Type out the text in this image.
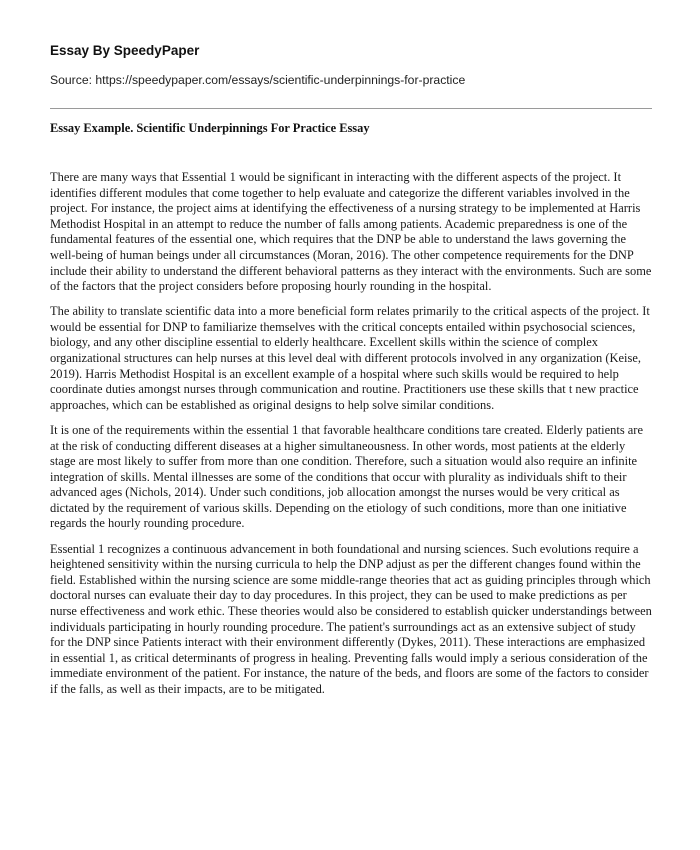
Essay By SpeedyPaper

Source: https://speedypaper.com/essays/scientific-underpinnings-for-practice

Essay Example. Scientific Underpinnings For Practice Essay

There are many ways that Essential 1 would be significant in interacting with the different aspects of the project. It identifies different modules that come together to help evaluate and categorize the different variables involved in the project. For instance, the project aims at identifying the effectiveness of a nursing strategy to be implemented at Harris Methodist Hospital in an attempt to reduce the number of falls among patients. Academic preparedness is one of the fundamental features of the essential one, which requires that the DNP be able to understand the laws governing the well-being of human beings under all circumstances (Moran, 2016). The other competence requirements for the DNP include their ability to understand the different behavioral patterns as they interact with the environments. Such are some of the factors that the project considers before proposing hourly rounding in the hospital.

The ability to translate scientific data into a more beneficial form relates primarily to the critical aspects of the project. It would be essential for DNP to familiarize themselves with the critical concepts entailed within psychosocial sciences, biology, and any other discipline essential to elderly healthcare. Excellent skills within the science of complex organizational structures can help nurses at this level deal with different protocols involved in any organization (Keise, 2019). Harris Methodist Hospital is an excellent example of a hospital where such skills would be required to help coordinate duties amongst nurses through communication and routine. Practitioners use these skills that t new practice approaches, which can be established as original designs to help solve similar conditions.

It is one of the requirements within the essential 1 that favorable healthcare conditions tare created. Elderly patients are at the risk of conducting different diseases at a higher simultaneousness. In other words, most patients at the elderly stage are most likely to suffer from more than one condition. Therefore, such a situation would also require an infinite integration of skills. Mental illnesses are some of the conditions that occur with plurality as individuals shift to their advanced ages (Nichols, 2014). Under such conditions, job allocation amongst the nurses would be very critical as dictated by the requirement of various skills. Depending on the etiology of such conditions, more than one initiative regards the hourly rounding procedure.

Essential 1 recognizes a continuous advancement in both foundational and nursing sciences. Such evolutions require a heightened sensitivity within the nursing curricula to help the DNP adjust as per the different changes found within the field. Established within the nursing science are some middle-range theories that act as guiding principles through which doctoral nurses can evaluate their day to day procedures. In this project, they can be used to make predictions as per nurse effectiveness and work ethic. These theories would also be considered to establish quicker understandings between individuals participating in hourly rounding procedure. The patient's surroundings act as an extensive subject of study for the DNP since Patients interact with their environment differently (Dykes, 2011). These interactions are emphasized in essential 1, as critical determinants of progress in healing. Preventing falls would imply a serious consideration of the immediate environment of the patient. For instance, the nature of the beds, and floors are some of the factors to consider if the falls, as well as their impacts, are to be mitigated.
